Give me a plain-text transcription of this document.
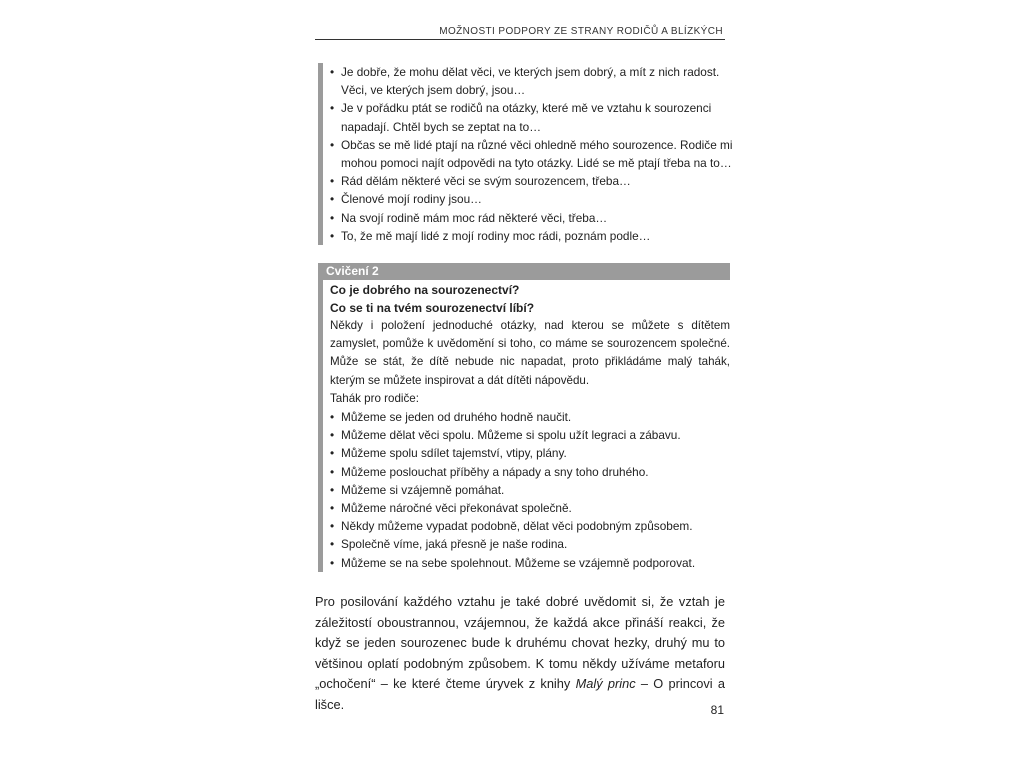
MOŽNOSTI PODPORY ZE STRANY RODIČŮ A BLÍZKÝCH
• Je dobře, že mohu dělat věci, ve kterých jsem dobrý, a mít z nich radost. Věci, ve kterých jsem dobrý, jsou…
• Je v pořádku ptát se rodičů na otázky, které mě ve vztahu k sourozenci napadají. Chtěl bych se zeptat na to…
• Občas se mě lidé ptají na různé věci ohledně mého sourozence. Rodiče mi mohou pomoci najít odpovědi na tyto otázky. Lidé se mě ptají třeba na to…
• Rád dělám některé věci se svým sourozencem, třeba…
• Členové mojí rodiny jsou…
• Na svojí rodině mám moc rád některé věci, třeba…
• To, že mě mají lidé z mojí rodiny moc rádi, poznám podle…
Cvičení 2
Co je dobrého na sourozenectví?
Co se ti na tvém sourozenectví líbí?

Někdy i položení jednoduché otázky, nad kterou se můžete s dítětem zamyslet, pomůže k uvědomění si toho, co máme se sourozencem společné. Může se stát, že dítě nebude nic napadat, proto přikládáme malý tahák, kterým se můžete inspirovat a dát dítěti nápovědu.

Tahák pro rodiče:
• Můžeme se jeden od druhého hodně naučit.
• Můžeme dělat věci spolu. Můžeme si spolu užít legraci a zábavu.
• Můžeme spolu sdílet tajemství, vtipy, plány.
• Můžeme poslouchat příběhy a nápady a sny toho druhého.
• Můžeme si vzájemně pomáhat.
• Můžeme náročné věci překonávat společně.
• Někdy můžeme vypadat podobně, dělat věci podobným způsobem.
• Společně víme, jaká přesně je naše rodina.
• Můžeme se na sebe spolehnout. Můžeme se vzájemně podporovat.
Pro posilování každého vztahu je také dobré uvědomit si, že vztah je záležitostí oboustrannou, vzájemnou, že každá akce přináší reakci, že když se jeden sourozenec bude k druhému chovat hezky, druhý mu to většinou oplatí podobným způsobem. K tomu někdy užíváme metaforu „ochočení“ – ke které čteme úryvek z knihy Malý princ – O princovi a lišce.	81
